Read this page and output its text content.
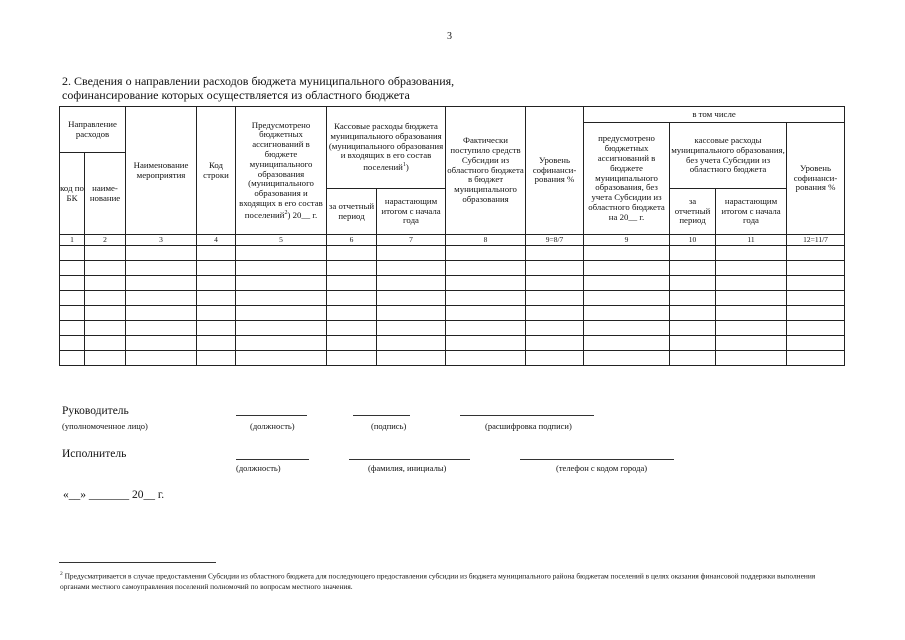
3
2. Сведения о направлении расходов бюджета муниципального образования,
софинансирование которых осуществляется из областного бюджета
Направление расходов		Наименование мероприятия	Код строки	Предусмотрено бюджетных ассигнований в бюджете муниципального образования (муниципального образования и входящих в его состав поселений$^2$) 20__ г.	Кассовые расходы бюджета муниципального образования (муниципального образования и входящих в его состав поселений$^1$)		Фактически поступило средств Субсидии из областного бюджета в бюджет муниципального образования	Уровень софинанси-рования %	в том числе			
									предусмотрено бюджетных ассигнований в бюджете муниципального образования, без учета Субсидии из областного бюджета на 20__ г.	кассовые расходы муниципального образования, без учета Субсидии из областного бюджета		Уровень софинанси-рования %
код по БК	наиме-нование											
					за отчетный период	нарастающим итогом с начала года				за отчетный период	нарастающим итогом с начала года	
1	2	3	4	5	6	7	8	9=8/7	9	10	11	12=11/7

Руководитель
(уполномоченное лицо)	(должность)	(подпись)	(расшифровка подписи)
Исполнитель
(должность)	(фамилия, инициалы)	(телефон с кодом города)
«__» _______ 20__ г.
$^2$ Предусматривается в случае предоставления Субсидии из областного бюджета для последующего предоставления субсидии из бюджета муниципального района бюджетам поселений в целях оказания финансовой поддержки выполнения органами местного самоуправления поселений полномочий по вопросам местного значения.
